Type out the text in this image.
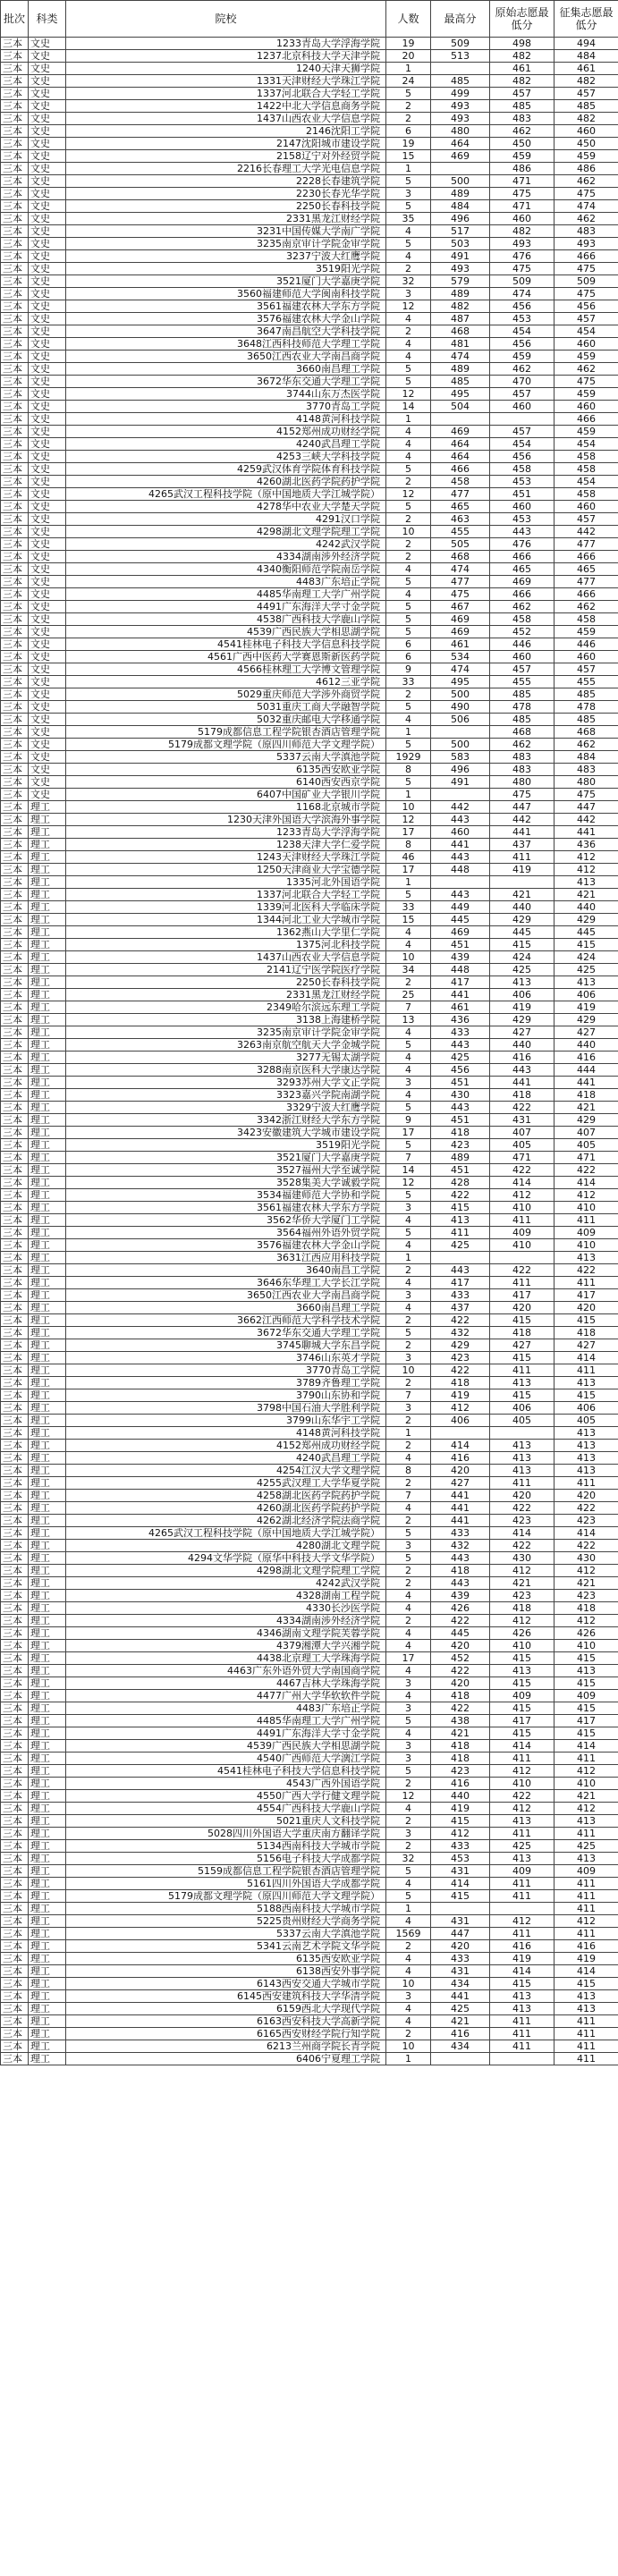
批次	科类	院校	人数	最高分	原始志愿最低分	征集志愿最低分
三本	文史	1233青岛大学浮海学院	19	509	498	494
三本	文史	1237北京科技大学天津学院	20	513	482	484
三本	文史	1240天津天狮学院	1		461	461
三本	文史	1331天津财经大学珠江学院	24	485	482	482
三本	文史	1337河北联合大学轻工学院	5	499	457	457
三本	文史	1422中北大学信息商务学院	2	493	485	485
三本	文史	1437山西农业大学信息学院	2	493	483	482
三本	文史	2146沈阳工学院	6	480	462	460
三本	文史	2147沈阳城市建设学院	19	464	450	450
三本	文史	2158辽宁对外经贸学院	15	469	459	459
三本	文史	2216长春理工大学光电信息学院	1		486	486
三本	文史	2228长春建筑学院	5	500	471	462
三本	文史	2230长春光华学院	3	489	475	475
三本	文史	2250长春科技学院	5	484	471	474
三本	文史	2331黑龙江财经学院	35	496	460	462
三本	文史	3231中国传媒大学南广学院	4	517	482	483
三本	文史	3235南京审计学院金审学院	5	503	493	493
三本	文史	3237宁波大红鹰学院	4	491	476	466
三本	文史	3519阳光学院	2	493	475	475
三本	文史	3521厦门大学嘉庚学院	32	579	509	509
三本	文史	3560福建师范大学闽南科技学院	3	489	474	475
三本	文史	3561福建农林大学东方学院	12	482	456	456
三本	文史	3576福建农林大学金山学院	4	487	453	457
三本	文史	3647南昌航空大学科技学院	2	468	454	454
三本	文史	3648江西科技师范大学理工学院	4	481	456	460
三本	文史	3650江西农业大学南昌商学院	4	474	459	459
三本	文史	3660南昌理工学院	5	489	462	462
三本	文史	3672华东交通大学理工学院	5	485	470	475
三本	文史	3744山东万杰医学院	12	495	457	459
三本	文史	3770青岛工学院	14	504	460	460
三本	文史	4148黄河科技学院	1			466
三本	文史	4152郑州成功财经学院	4	469	457	459
三本	文史	4240武昌理工学院	4	464	454	454
三本	文史	4253三峡大学科技学院	4	464	456	458
三本	文史	4259武汉体育学院体育科技学院	5	466	458	458
三本	文史	4260湖北医药学院药护学院	2	458	453	454
三本	文史	4265武汉工程科技学院（原中国地质大学江城学院）	12	477	451	458
三本	文史	4278华中农业大学楚天学院	5	465	460	460
三本	文史	4291汉口学院	2	463	453	457
三本	文史	4298湖北文理学院理工学院	10	455	443	442
三本	文史	4242武汉学院	2	505	476	477
三本	文史	4334湖南涉外经济学院	2	468	466	466
三本	文史	4340衡阳师范学院南岳学院	4	474	465	465
三本	文史	4483广东培正学院	5	477	469	477
三本	文史	4485华南理工大学广州学院	4	475	466	466
三本	文史	4491广东海洋大学寸金学院	5	467	462	462
三本	文史	4538广西科技大学鹿山学院	5	469	458	458
三本	文史	4539广西民族大学相思湖学院	5	469	452	459
三本	文史	4541桂林电子科技大学信息科技学院	6	461	446	446
三本	文史	4561广西中医药大学赛恩斯新医药学院	6	534	460	460
三本	文史	4566桂林理工大学博文管理学院	9	474	457	457
三本	文史	4612三亚学院	33	495	455	455
三本	文史	5029重庆师范大学涉外商贸学院	2	500	485	485
三本	文史	5031重庆工商大学融智学院	5	490	478	478
三本	文史	5032重庆邮电大学移通学院	4	506	485	485
三本	文史	5179成都信息工程学院银杏酒店管理学院	1		468	468
三本	文史	5179成都文理学院（原四川师范大学文理学院）	5	500	462	462
三本	文史	5337云南大学滇池学院	1929	583	483	484
三本	文史	6135西安欧亚学院	8	496	483	483
三本	文史	6140西安西京学院	5	491	480	480
三本	文史	6407中国矿业大学银川学院	1		475	475
三本	理工	1168北京城市学院	10	442	447	447
三本	理工	1230天津外国语大学滨海外事学院	12	443	442	442
三本	理工	1233青岛大学浮海学院	17	460	441	441
三本	理工	1238天津大学仁爱学院	8	441	437	436
三本	理工	1243天津财经大学珠江学院	46	443	411	412
三本	理工	1250天津商业大学宝德学院	17	448	419	412
三本	理工	1335河北外国语学院	1			413
三本	理工	1337河北联合大学轻工学院	5	443	421	421
三本	理工	1339河北医科大学临床学院	33	449	440	440
三本	理工	1344河北工业大学城市学院	15	445	429	429
三本	理工	1362燕山大学里仁学院	4	469	445	445
三本	理工	1375河北科技学院	4	451	415	415
三本	理工	1437山西农业大学信息学院	10	439	424	424
三本	理工	2141辽宁医学院医疗学院	34	448	425	425
三本	理工	2250长春科技学院	2	417	413	413
三本	理工	2331黑龙江财经学院	25	441	406	406
三本	理工	2349哈尔滨远东理工学院	7	461	419	419
三本	理工	3138上海建桥学院	13	436	429	429
三本	理工	3235南京审计学院金审学院	4	433	427	427
三本	理工	3263南京航空航天大学金城学院	5	443	440	440
三本	理工	3277无锡太湖学院	4	425	416	416
三本	理工	3288南京医科大学康达学院	4	456	443	444
三本	理工	3293苏州大学文正学院	3	451	441	441
三本	理工	3323嘉兴学院南湖学院	4	430	418	418
三本	理工	3329宁波大红鹰学院	5	443	422	421
三本	理工	3342浙江财经大学东方学院	9	451	431	429
三本	理工	3423安徽建筑大学城市建设学院	17	418	407	407
三本	理工	3519阳光学院	5	423	405	405
三本	理工	3521厦门大学嘉庚学院	7	489	471	471
三本	理工	3527福州大学至诚学院	14	451	422	422
三本	理工	3528集美大学诚毅学院	12	428	414	414
三本	理工	3534福建师范大学协和学院	5	422	412	412
三本	理工	3561福建农林大学东方学院	3	415	410	410
三本	理工	3562华侨大学厦门工学院	4	413	411	411
三本	理工	3564福州外语外贸学院	5	411	409	409
三本	理工	3576福建农林大学金山学院	4	425	410	410
三本	理工	3631江西应用科技学院	1			413
三本	理工	3640南昌工学院	2	443	422	422
三本	理工	3646东华理工大学长江学院	4	417	411	411
三本	理工	3650江西农业大学南昌商学院	3	433	417	417
三本	理工	3660南昌理工学院	4	437	420	420
三本	理工	3662江西师范大学科学技术学院	2	422	415	415
三本	理工	3672华东交通大学理工学院	5	432	418	418
三本	理工	3745聊城大学东昌学院	2	429	427	427
三本	理工	3746山东英才学院	3	423	415	414
三本	理工	3770青岛工学院	10	422	411	411
三本	理工	3789齐鲁理工学院	2	418	413	413
三本	理工	3790山东协和学院	7	419	415	415
三本	理工	3798中国石油大学胜利学院	3	412	406	406
三本	理工	3799山东华宇工学院	2	406	405	405
三本	理工	4148黄河科技学院	1			413
三本	理工	4152郑州成功财经学院	2	414	413	413
三本	理工	4240武昌理工学院	4	416	413	413
三本	理工	4254江汉大学文理学院	8	420	413	413
三本	理工	4255武汉理工大学华夏学院	2	427	411	411
三本	理工	4258湖北医药学院药护学院	7	441	420	420
三本	理工	4260湖北医药学院药护学院	4	441	422	422
三本	理工	4262湖北经济学院法商学院	2	441	423	423
三本	理工	4265武汉工程科技学院（原中国地质大学江城学院）	5	433	414	414
三本	理工	4280湖北文理学院	3	432	422	422
三本	理工	4294文华学院（原华中科技大学文华学院）	5	443	430	430
三本	理工	4298湖北文理学院理工学院	2	418	412	412
三本	理工	4242武汉学院	2	443	421	421
三本	理工	4328湖南工程学院	4	439	423	423
三本	理工	4330长沙医学院	4	426	418	418
三本	理工	4334湖南涉外经济学院	2	422	412	412
三本	理工	4346湖南文理学院芙蓉学院	4	445	426	426
三本	理工	4379湘潭大学兴湘学院	4	420	410	410
三本	理工	4438北京理工大学珠海学院	17	452	415	415
三本	理工	4463广东外语外贸大学南国商学院	4	422	413	413
三本	理工	4467吉林大学珠海学院	3	420	415	415
三本	理工	4477广州大学华软软件学院	4	418	409	409
三本	理工	4483广东培正学院	3	422	415	415
三本	理工	4485华南理工大学广州学院	5	438	417	417
三本	理工	4491广东海洋大学寸金学院	4	421	415	415
三本	理工	4539广西民族大学相思湖学院	3	418	414	414
三本	理工	4540广西师范大学漓江学院	3	418	411	411
三本	理工	4541桂林电子科技大学信息科技学院	5	423	412	412
三本	理工	4543广西外国语学院	2	416	410	410
三本	理工	4550广西大学行健文理学院	12	440	422	421
三本	理工	4554广西科技大学鹿山学院	4	419	412	412
三本	理工	5021重庆人文科技学院	2	415	413	413
三本	理工	5028四川外国语大学重庆南方翻译学院	3	412	411	411
三本	理工	5134西南科技大学城市学院	2	433	425	425
三本	理工	5156电子科技大学成都学院	32	453	413	413
三本	理工	5159成都信息工程学院银杏酒店管理学院	5	431	409	409
三本	理工	5161四川外国语大学成都学院	4	414	411	411
三本	理工	5179成都文理学院（原四川师范大学文理学院）	5	415	411	411
三本	理工	5188西南科技大学城市学院	1			411
三本	理工	5225贵州财经大学商务学院	4	431	412	412
三本	理工	5337云南大学滇池学院	1569	447	411	411
三本	理工	5341云南艺术学院文华学院	2	420	416	416
三本	理工	6135西安欧亚学院	4	433	419	419
三本	理工	6138西安外事学院	4	431	414	414
三本	理工	6143西安交通大学城市学院	10	434	415	415
三本	理工	6145西安建筑科技大学华清学院	3	441	413	413
三本	理工	6159西北大学现代学院	4	425	413	413
三本	理工	6163西安科技大学高新学院	4	421	411	411
三本	理工	6165西安财经学院行知学院	2	416	411	411
三本	理工	6213兰州商学院长青学院	10	434	411	411
三本	理工	6406宁夏理工学院	1			411
